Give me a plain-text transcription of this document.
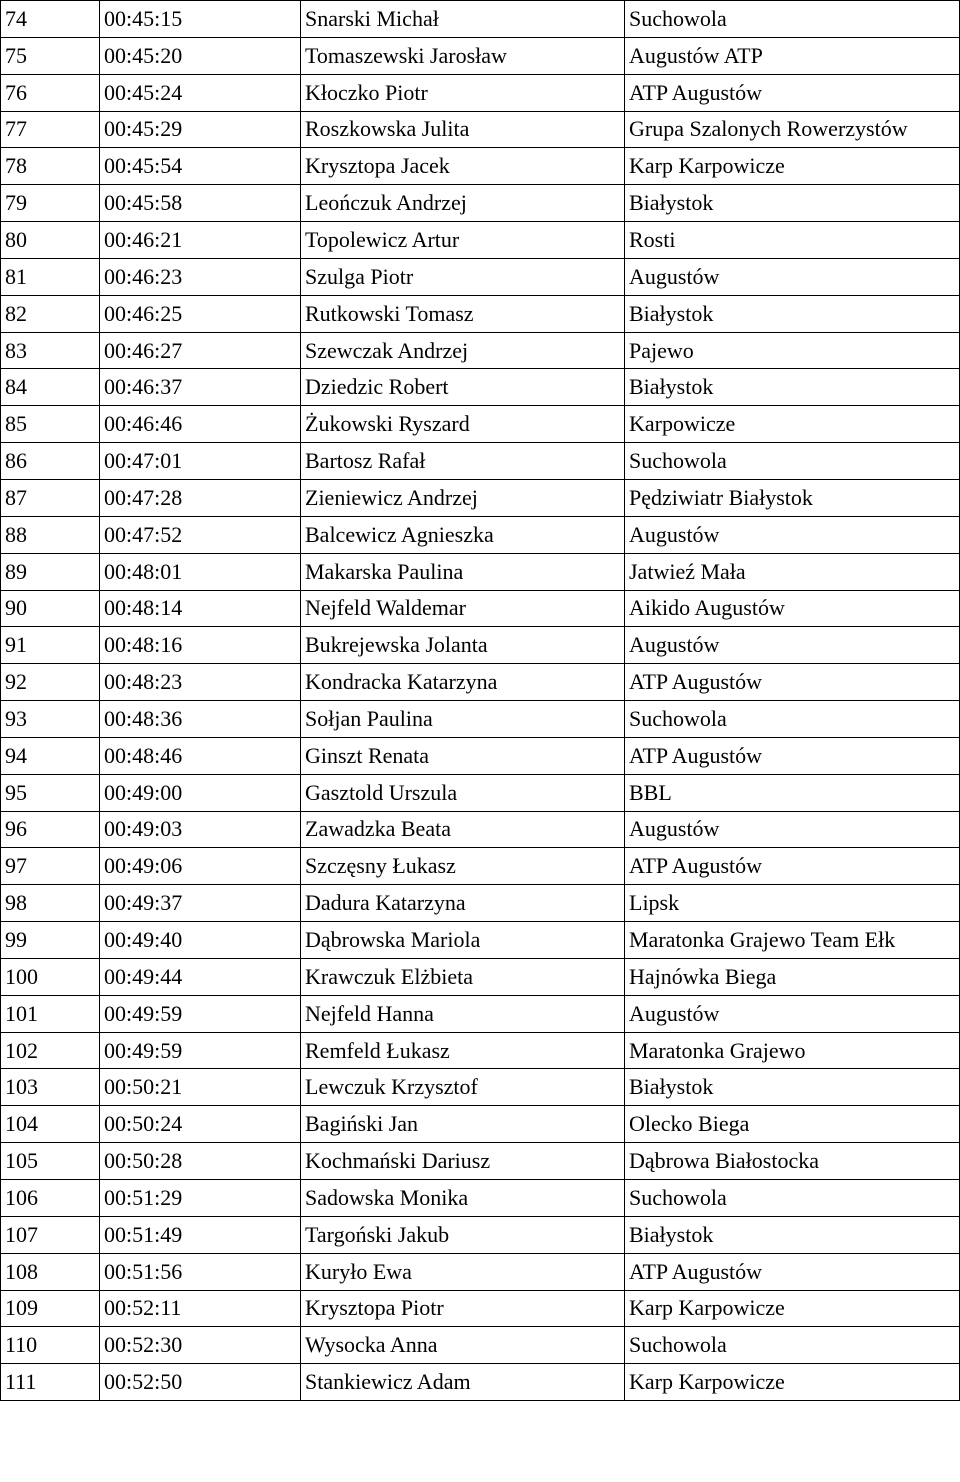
74	00:45:15	Snarski Michał	Suchowola
75	00:45:20	Tomaszewski Jarosław	Augustów ATP
76	00:45:24	Kłoczko Piotr	ATP Augustów
77	00:45:29	Roszkowska Julita	Grupa Szalonych Rowerzystów
78	00:45:54	Krysztopa Jacek	Karp Karpowicze
79	00:45:58	Leończuk Andrzej	Białystok
80	00:46:21	Topolewicz Artur	Rosti
81	00:46:23	Szulga Piotr	Augustów
82	00:46:25	Rutkowski Tomasz	Białystok
83	00:46:27	Szewczak Andrzej	Pajewo
84	00:46:37	Dziedzic Robert	Białystok
85	00:46:46	Żukowski Ryszard	Karpowicze
86	00:47:01	Bartosz Rafał	Suchowola
87	00:47:28	Zieniewicz Andrzej	Pędziwiatr Białystok
88	00:47:52	Balcewicz Agnieszka	Augustów
89	00:48:01	Makarska Paulina	Jatwieź Mała
90	00:48:14	Nejfeld Waldemar	Aikido Augustów
91	00:48:16	Bukrejewska Jolanta	Augustów
92	00:48:23	Kondracka Katarzyna	ATP Augustów
93	00:48:36	Sołjan Paulina	Suchowola
94	00:48:46	Ginszt Renata	ATP Augustów
95	00:49:00	Gasztold Urszula	BBL
96	00:49:03	Zawadzka Beata	Augustów
97	00:49:06	Szczęsny Łukasz	ATP Augustów
98	00:49:37	Dadura Katarzyna	Lipsk
99	00:49:40	Dąbrowska Mariola	Maratonka Grajewo Team Ełk
100	00:49:44	Krawczuk Elżbieta	Hajnówka Biega
101	00:49:59	Nejfeld Hanna	Augustów
102	00:49:59	Remfeld Łukasz	Maratonka Grajewo
103	00:50:21	Lewczuk Krzysztof	Białystok
104	00:50:24	Bagiński Jan	Olecko Biega
105	00:50:28	Kochmański Dariusz	Dąbrowa Białostocka
106	00:51:29	Sadowska Monika	Suchowola
107	00:51:49	Targoński Jakub	Białystok
108	00:51:56	Kuryło Ewa	ATP Augustów
109	00:52:11	Krysztopa Piotr	Karp Karpowicze
110	00:52:30	Wysocka Anna	Suchowola
111	00:52:50	Stankiewicz Adam	Karp Karpowicze
